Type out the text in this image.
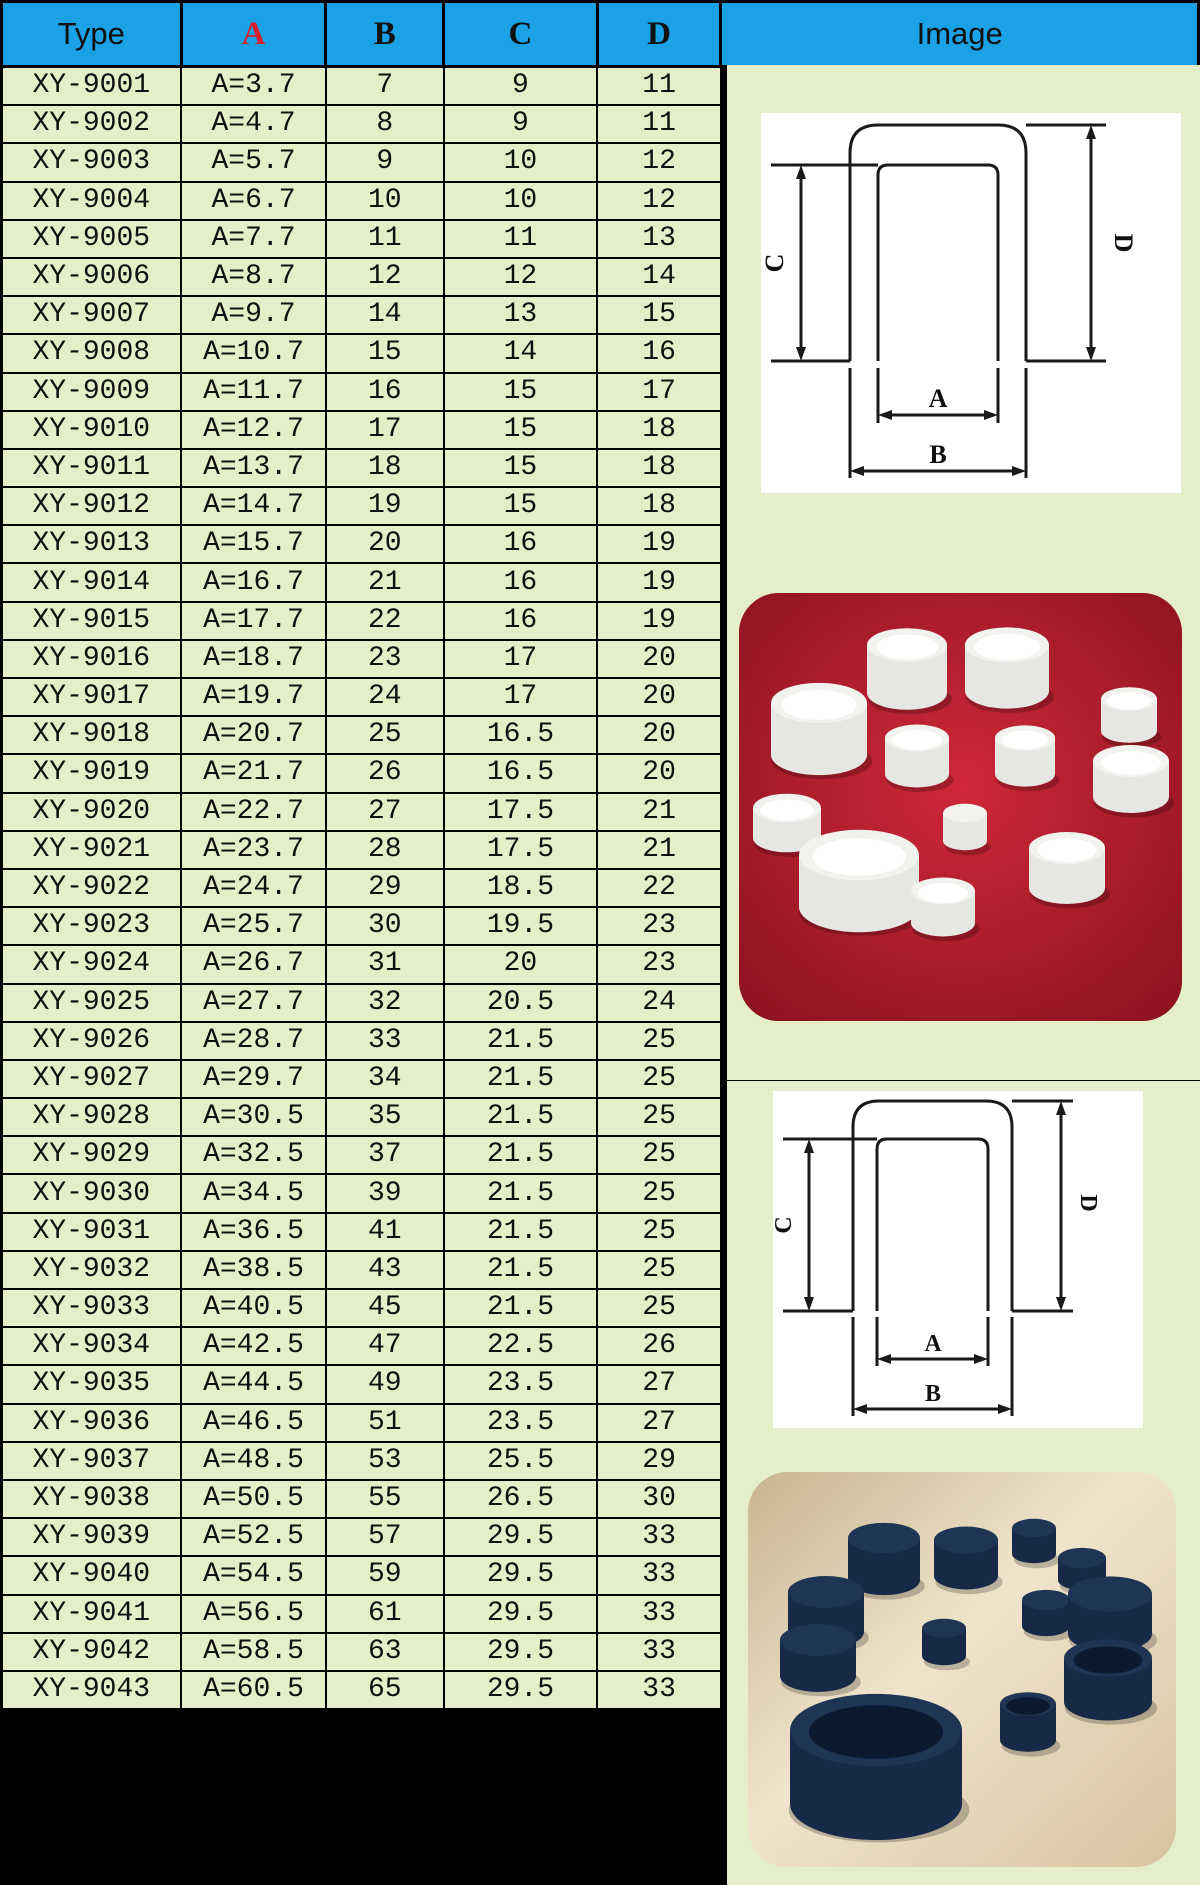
Type	A	B	C	D	Image
XY-9001	A=3.7	7	9	11	
XY-9002	A=4.7	8	9	11	
XY-9003	A=5.7	9	10	12	
XY-9004	A=6.7	10	10	12	
XY-9005	A=7.7	11	11	13	
XY-9006	A=8.7	12	12	14	
XY-9007	A=9.7	14	13	15	
XY-9008	A=10.7	15	14	16	
XY-9009	A=11.7	16	15	17	
XY-9010	A=12.7	17	15	18	
XY-9011	A=13.7	18	15	18	
XY-9012	A=14.7	19	15	18	
XY-9013	A=15.7	20	16	19	
XY-9014	A=16.7	21	16	19	
XY-9015	A=17.7	22	16	19	
XY-9016	A=18.7	23	17	20	
XY-9017	A=19.7	24	17	20	
XY-9018	A=20.7	25	16.5	20	
XY-9019	A=21.7	26	16.5	20	
XY-9020	A=22.7	27	17.5	21	
XY-9021	A=23.7	28	17.5	21	
XY-9022	A=24.7	29	18.5	22	
XY-9023	A=25.7	30	19.5	23	
XY-9024	A=26.7	31	20	23	
XY-9025	A=27.7	32	20.5	24	
XY-9026	A=28.7	33	21.5	25	
XY-9027	A=29.7	34	21.5	25	
XY-9028	A=30.5	35	21.5	25	
XY-9029	A=32.5	37	21.5	25	
XY-9030	A=34.5	39	21.5	25	
XY-9031	A=36.5	41	21.5	25	
XY-9032	A=38.5	43	21.5	25	
XY-9033	A=40.5	45	21.5	25	
XY-9034	A=42.5	47	22.5	26	
XY-9035	A=44.5	49	23.5	27	
XY-9036	A=46.5	51	23.5	27	
XY-9037	A=48.5	53	25.5	29	
XY-9038	A=50.5	55	26.5	30	
XY-9039	A=52.5	57	29.5	33	
XY-9040	A=54.5	59	29.5	33	
XY-9041	A=56.5	61	29.5	33	
XY-9042	A=58.5	63	29.5	33	
XY-9043	A=60.5	65	29.5	33	
A
B
C
D
A
B
C
D
